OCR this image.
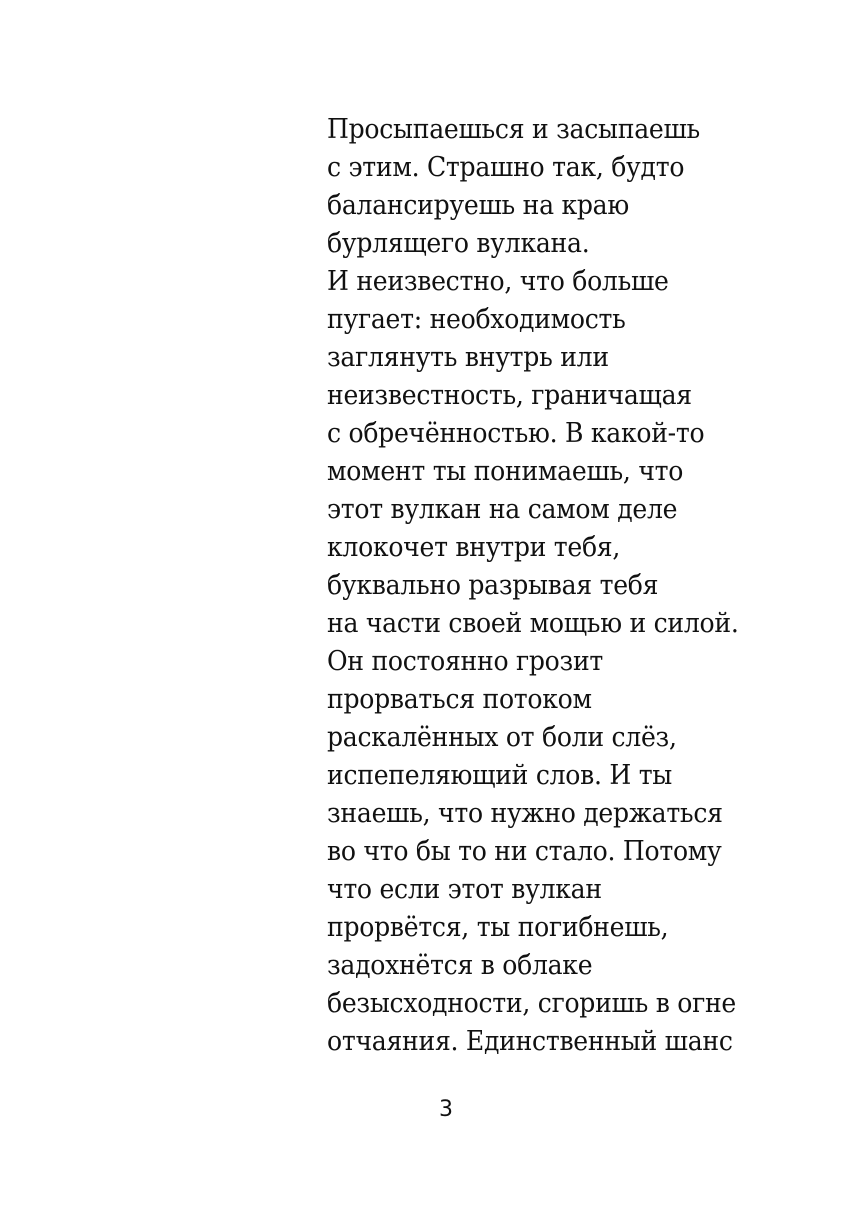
Просыпаешься и засыпаешь
с этим. Страшно так, будто
балансируешь на краю
бурлящего вулкана.
И неизвестно, что больше
пугает: необходимость
заглянуть внутрь или
неизвестность, граничащая
с обречённостью. В какой-то
момент ты понимаешь, что
этот вулкан на самом деле
клокочет внутри тебя,
буквально разрывая тебя
на части своей мощью и силой.
Он постоянно грозит
прорваться потоком
раскалённых от боли слёз,
испепеляющий слов. И ты
знаешь, что нужно держаться
во что бы то ни стало. Потому
что если этот вулкан
прорвётся, ты погибнешь,
задохнётся в облаке
безысходности, сгоришь в огне
отчаяния. Единственный шанс
3
